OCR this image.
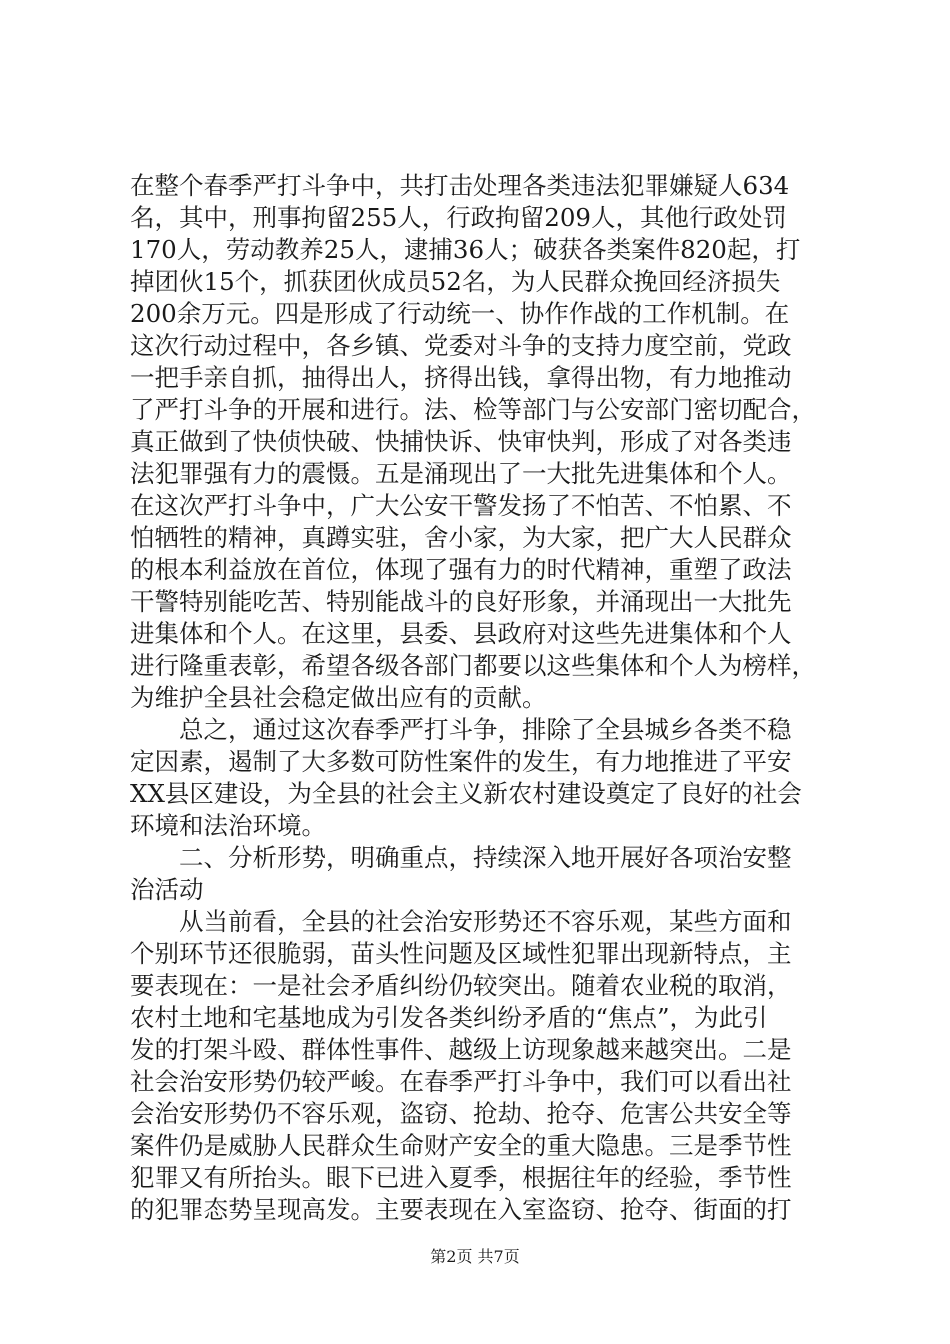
在整个春季严打斗争中，共打击处理各类违法犯罪嫌疑人634
名，其中，刑事拘留255人，行政拘留209人，其他行政处罚
170人，劳动教养25人，逮捕36人；破获各类案件820起，打
掉团伙15个，抓获团伙成员52名，为人民群众挽回经济损失
200余万元。四是形成了行动统一、协作作战的工作机制。在
这次行动过程中，各乡镇、党委对斗争的支持力度空前，党政
一把手亲自抓，抽得出人，挤得出钱，拿得出物，有力地推动
了严打斗争的开展和进行。法、检等部门与公安部门密切配合，
真正做到了快侦快破、快捕快诉、快审快判，形成了对各类违
法犯罪强有力的震慑。五是涌现出了一大批先进集体和个人。
在这次严打斗争中，广大公安干警发扬了不怕苦、不怕累、不
怕牺牲的精神，真蹲实驻，舍小家，为大家，把广大人民群众
的根本利益放在首位，体现了强有力的时代精神，重塑了政法
干警特别能吃苦、特别能战斗的良好形象，并涌现出一大批先
进集体和个人。在这里，县委、县政府对这些先进集体和个人
进行隆重表彰，希望各级各部门都要以这些集体和个人为榜样，
为维护全县社会稳定做出应有的贡献。
　　总之，通过这次春季严打斗争，排除了全县城乡各类不稳
定因素，遏制了大多数可防性案件的发生，有力地推进了平安
XX县区建设，为全县的社会主义新农村建设奠定了良好的社会
环境和法治环境。
　　二、分析形势，明确重点，持续深入地开展好各项治安整
治活动
　　从当前看，全县的社会治安形势还不容乐观，某些方面和
个别环节还很脆弱，苗头性问题及区域性犯罪出现新特点，主
要表现在：一是社会矛盾纠纷仍较突出。随着农业税的取消，
农村土地和宅基地成为引发各类纠纷矛盾的“焦点”，为此引
发的打架斗殴、群体性事件、越级上访现象越来越突出。二是
社会治安形势仍较严峻。在春季严打斗争中，我们可以看出社
会治安形势仍不容乐观，盗窃、抢劫、抢夺、危害公共安全等
案件仍是威胁人民群众生命财产安全的重大隐患。三是季节性
犯罪又有所抬头。眼下已进入夏季，根据往年的经验，季节性
的犯罪态势呈现高发。主要表现在入室盗窃、抢夺、街面的打
第2页 共7页
